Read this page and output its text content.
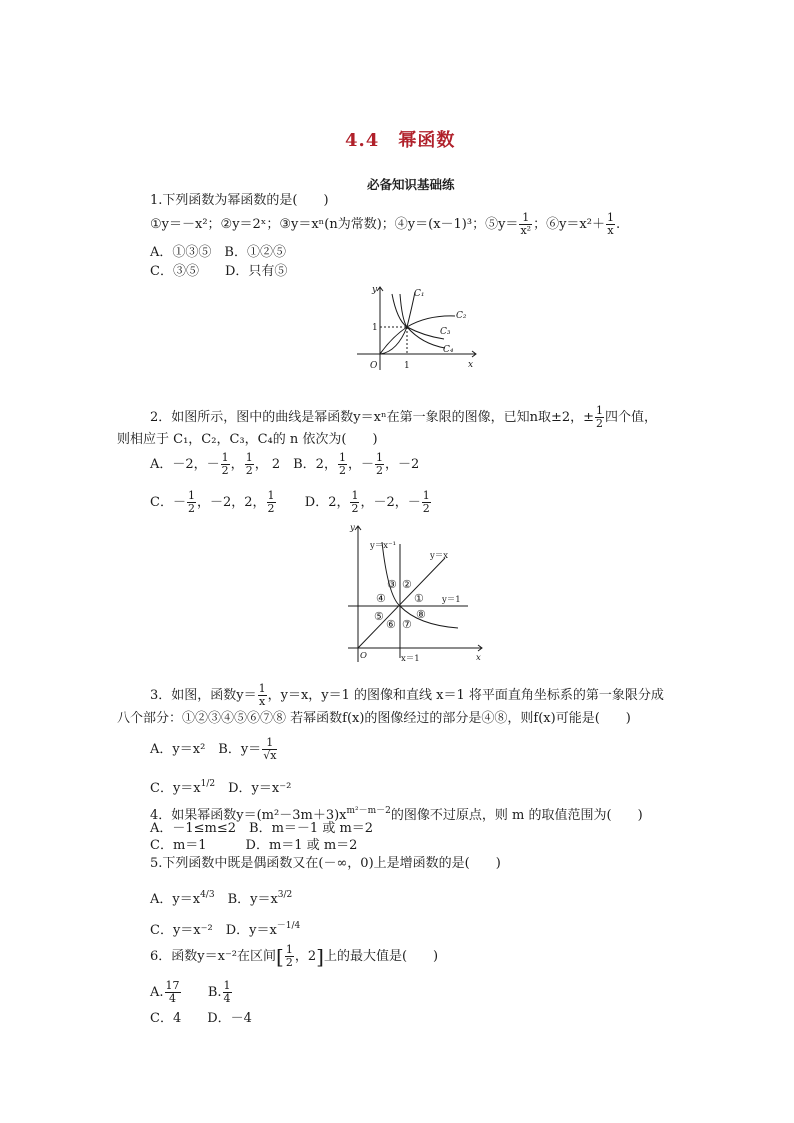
4.4　幂函数
必备知识基础练
1.下列函数为幂函数的是(　　)
①y＝－x²；②y＝2ˣ；③y＝xⁿ(n为常数)；④y＝(x－1)³；⑤y＝ $\frac{1}{\text{x²}}$ ；⑥y＝x²＋ $\frac{1}{x}$ .
A．①③⑤　B．①②⑤
C．③⑤　　D．只有⑤
y
x
O
1
1
C₁
C₂
C₃
C₄
2．如图所示，图中的曲线是幂函数y＝xⁿ在第一象限的图像，已知n取±2，± $\frac{1}{2}$ 四个值，
则相应于 C₁，C₂，C₃，C₄的 n 依次为(　　)
A．－2，－ $\frac{1}{2}$ ， $\frac{1}{2}$ ， 2　B．2， $\frac{1}{2}$ ，－ $\frac{1}{2}$ ，－2
C．－ $\frac{1}{2}$ ，－2，2， $\frac{1}{2}$ D．2， $\frac{1}{2}$ ，－2，－ $\frac{1}{2}$
y
x
O
y＝x⁻¹
y＝x
y＝1
x＝1
①
②
③
④
⑤
⑥ ⑦
⑧
3．如图，函数$y= \frac{1}{x}$ ，y＝x，y＝1 的图像和直线 x＝1 将平面直角坐标系的第一象限分成
八个部分：①②③④⑤⑥⑦⑧ 若幂函数f(x)的图像经过的部分是④⑧，则f(x)可能是(　　)
A．y＝x²　B．$y= \frac{1}{√x}$
C．$y=x^{1/2}$　D．y＝x⁻²
4．如果幂函数$y=(m^2-3m+3)x^{m^2-m-2}$的图像不过原点，则 m 的取值范围为(　　)
A．－1≤m≤2　B．m＝－1 或 m＝2
C．m＝1　　　D．m＝1 或 m＝2
5.下列函数中既是偶函数又在(－∞，0)上是增函数的是(　　)
A．$y=x^{4/3}$　B．$y=x^{3/2}$
C．y＝x⁻²　D．$y=x^{-1/4}$
6．函数y＝x⁻²在区间[ $\frac{1}{2}$ ，2]上的最大值是(　　)
A. $\frac{17}{4} B$. $\frac{1}{4}$
C．4　　D．－4
